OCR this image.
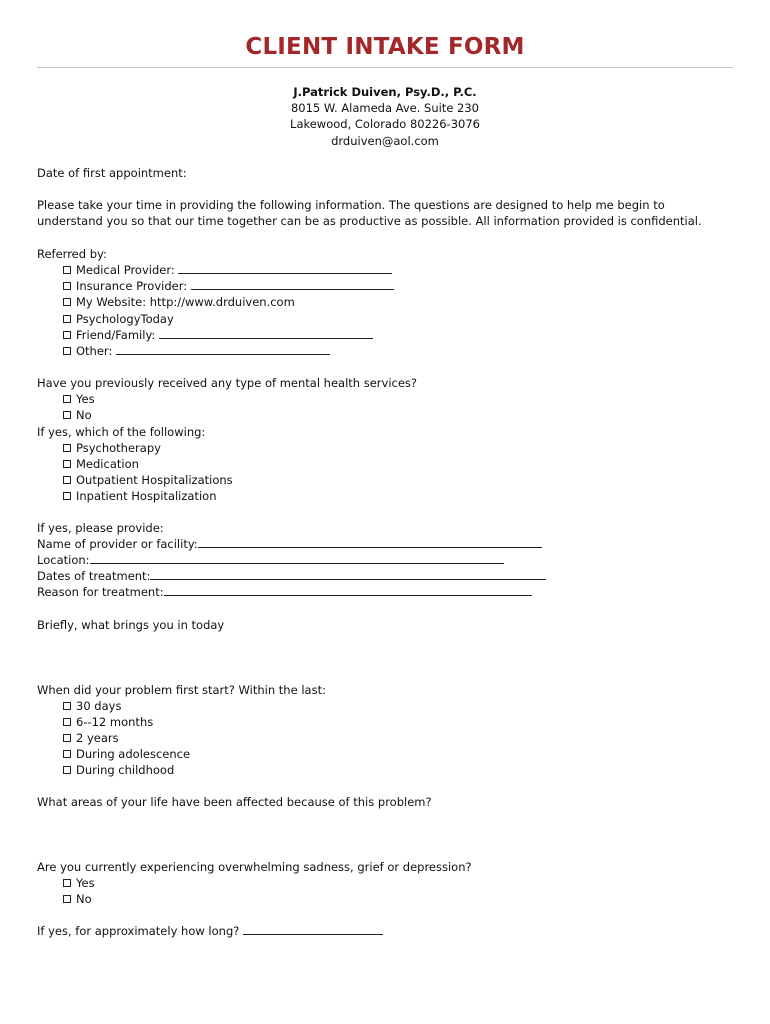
CLIENT INTAKE FORM
J.Patrick Duiven, Psy.D., P.C.
8015 W. Alameda Ave. Suite 230
Lakewood, Colorado 80226-3076
drduiven@aol.com
Date of first appointment:
Please take your time in providing the following information. The questions are designed to help me begin to
understand you so that our time together can be as productive as possible. All information provided is confidential.
Referred by:
Medical Provider:
Insurance Provider:
My Website: http://www.drduiven.com
PsychologyToday
Friend/Family:
Other:
Have you previously received any type of mental health services?
Yes
No
If yes, which of the following:
Psychotherapy
Medication
Outpatient Hospitalizations
Inpatient Hospitalization
If yes, please provide:
Name of provider or facility:
Location:
Dates of treatment:
Reason for treatment:
Briefly, what brings you in today
When did your problem first start? Within the last:
30 days
6--12 months
2 years
During adolescence
During childhood
What areas of your life have been affected because of this problem?
Are you currently experiencing overwhelming sadness, grief or depression?
Yes
No
If yes, for approximately how long?
